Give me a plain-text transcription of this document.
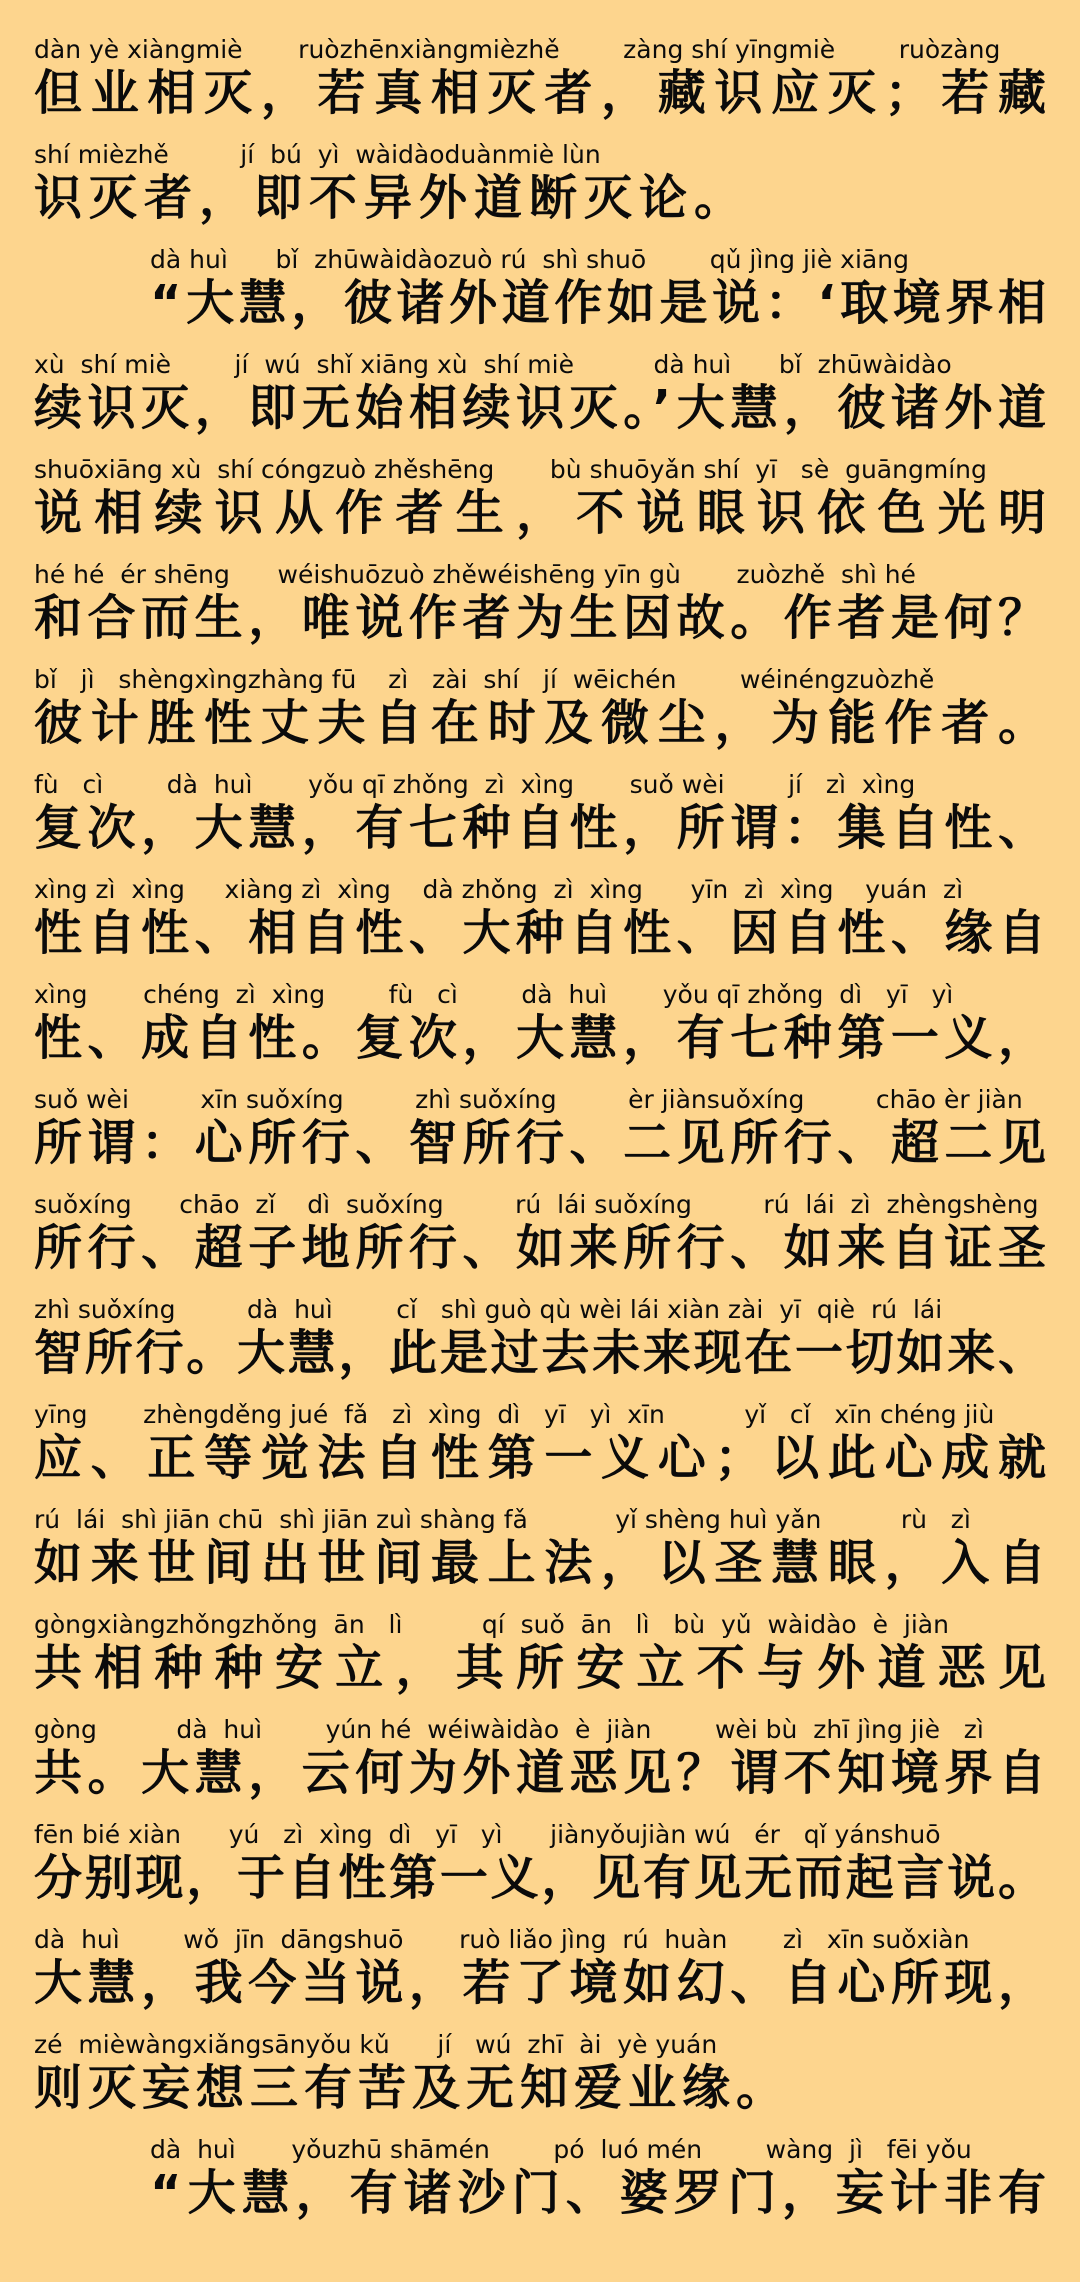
dàn yè xiàngmiè       ruòzhēnxiàngmièzhě        zàng shí yīngmiè        ruòzàng
但业相灭，若真相灭者，藏识应灭；若藏
shí mièzhě         jí  bú  yì  wàidàoduànmiè lùn
识灭者，即不异外道断灭论。
dà huì      bǐ  zhūwàidàozuò rú  shì shuō        qǔ jìng jiè xiāng
“大慧，彼诸外道作如是说：‘取境界相
xù  shí miè        jí  wú  shǐ xiāng xù  shí miè          dà huì      bǐ  zhūwàidào
续识灭，即无始相续识灭。’大慧，彼诸外道
shuōxiāng xù  shí cóngzuò zhěshēng       bù shuōyǎn shí  yī   sè  guāngmíng
说相续识从作者生，不说眼识依色光明
hé hé  ér shēng      wéishuōzuò zhěwéishēng yīn gù       zuòzhě  shì hé
和合而生，唯说作者为生因故。作者是何？
bǐ   jì   shèngxìngzhàng fū    zì   zài  shí   jí  wēichén        wéinéngzuòzhě
彼计胜性丈夫自在时及微尘，为能作者。
fù   cì        dà  huì       yǒu qī zhǒng  zì  xìng       suǒ wèi        jí   zì  xìng
复次，大慧，有七种自性，所谓：集自性、
xìng zì  xìng     xiàng zì  xìng    dà zhǒng  zì  xìng      yīn  zì  xìng    yuán  zì
性自性、相自性、大种自性、因自性、缘自
xìng       chéng  zì  xìng        fù   cì        dà  huì       yǒu qī zhǒng  dì   yī   yì
性、成自性。复次，大慧，有七种第一义，
suǒ wèi         xīn suǒxíng         zhì suǒxíng         èr jiànsuǒxíng         chāo èr jiàn
所谓：心所行、智所行、二见所行、超二见
suǒxíng      chāo  zǐ    dì  suǒxíng         rú  lái suǒxíng         rú  lái  zì  zhèngshèng
所行、超子地所行、如来所行、如来自证圣
zhì suǒxíng         dà  huì        cǐ   shì guò qù wèi lái xiàn zài  yī  qiè  rú  lái
智所行。大慧，此是过去未来现在一切如来、
yīng       zhèngděng jué  fǎ   zì  xìng  dì   yī   yì  xīn          yǐ   cǐ   xīn chéng jiù
应、正等觉法自性第一义心；以此心成就
rú  lái  shì jiān chū  shì jiān zuì shàng fǎ           yǐ shèng huì yǎn          rù   zì
如来世间出世间最上法，以圣慧眼，入自
gòngxiàngzhǒngzhǒng  ān   lì          qí  suǒ  ān   lì   bù  yǔ  wàidào  è  jiàn
共相种种安立，其所安立不与外道恶见
gòng          dà  huì        yún hé  wéiwàidào  è  jiàn        wèi bù  zhī jìng jiè   zì
共。大慧，云何为外道恶见？谓不知境界自
fēn bié xiàn      yú   zì  xìng  dì   yī   yì      jiànyǒujiàn wú   ér   qǐ yánshuō
分别现，于自性第一义，见有见无而起言说。
dà  huì        wǒ  jīn  dāngshuō       ruò liǎo jìng  rú  huàn       zì   xīn suǒxiàn
大慧，我今当说，若了境如幻、自心所现，
zé  mièwàngxiǎngsānyǒu kǔ      jí   wú  zhī  ài  yè yuán
则灭妄想三有苦及无知爱业缘。
dà  huì       yǒuzhū shāmén        pó  luó mén        wàng  jì   fēi yǒu
“大慧，有诸沙门、婆罗门，妄计非有
